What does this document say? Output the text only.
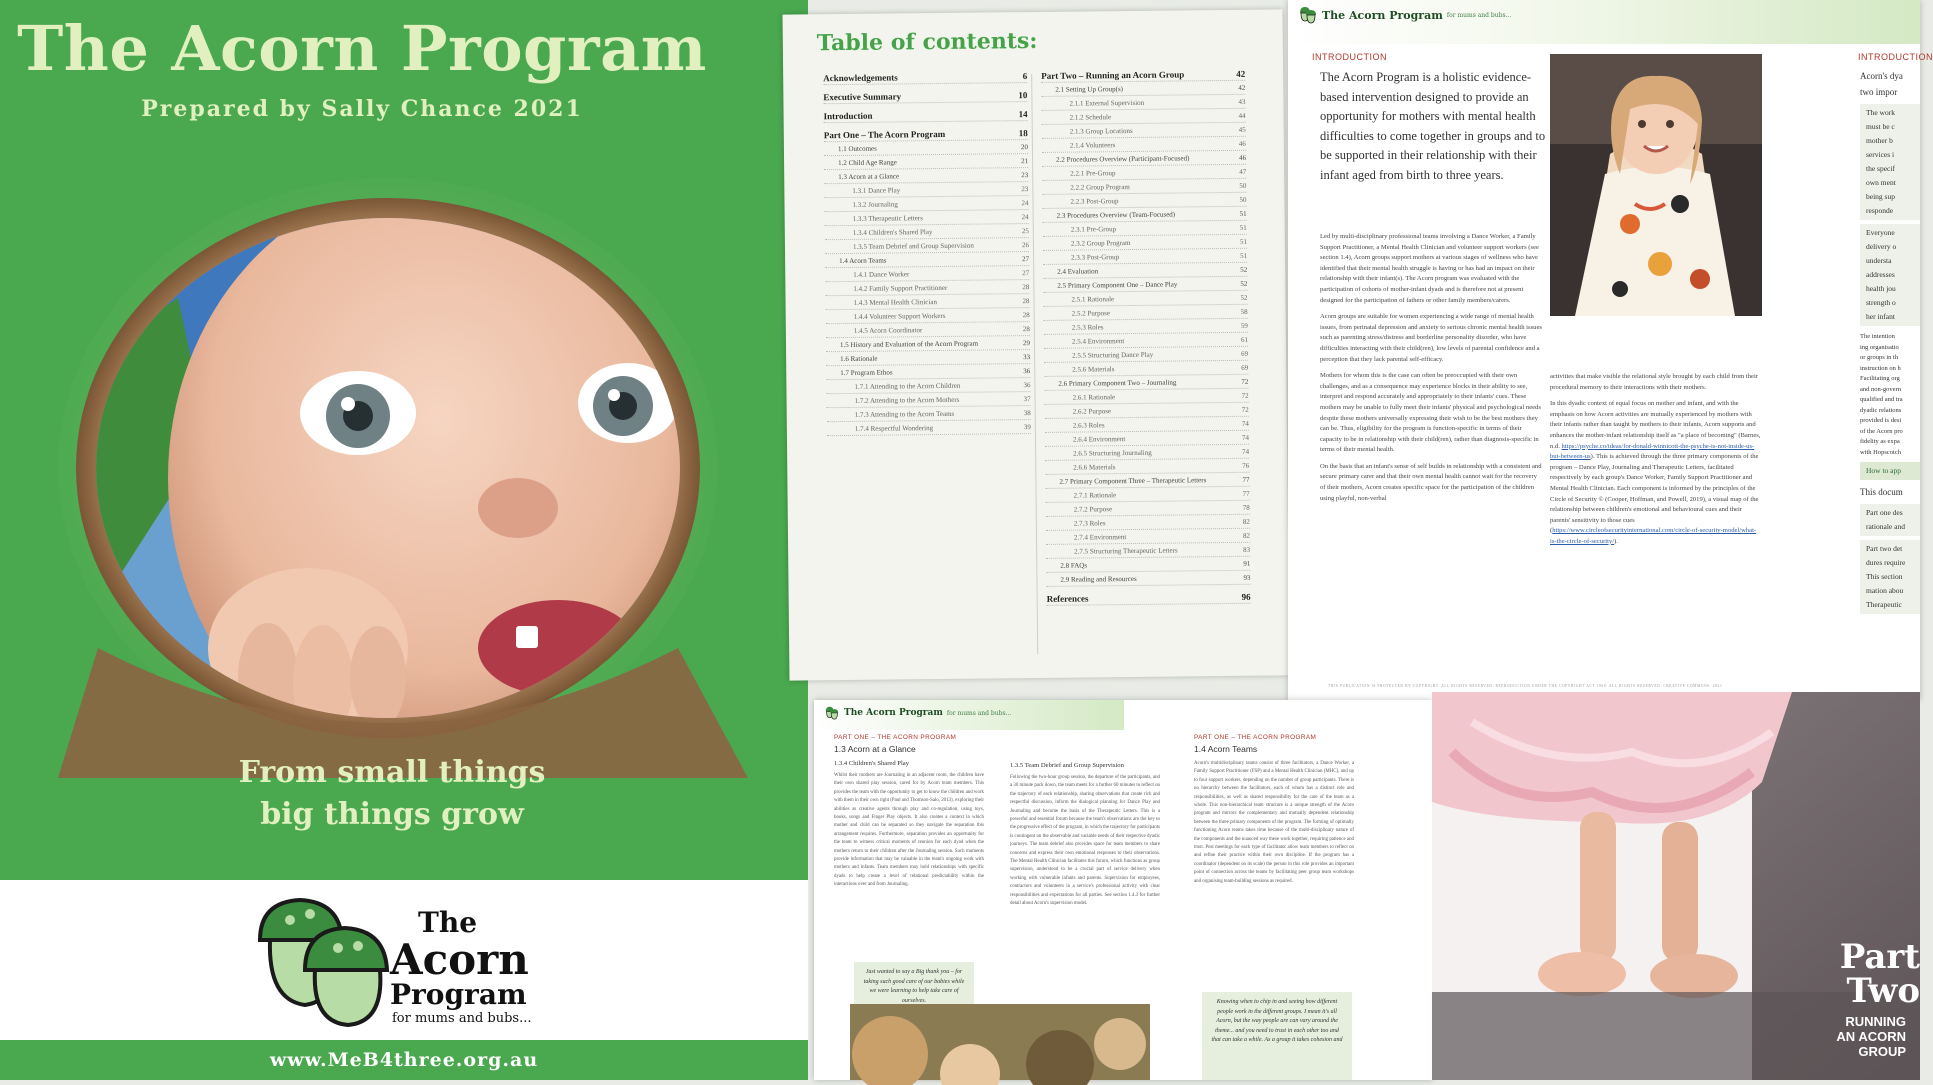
The Acorn Program
Prepared by Sally Chance 2021
From small things
big things grow
The
Acorn
Program
for mums and bubs...
www.MeB4three.org.au
Table of contents:
Acknowledgements	6
Executive Summary	10
Introduction	14
Part One – The Acorn Program	18
1.1 Outcomes	20
1.2 Child Age Range	21
1.3 Acorn at a Glance	23
1.3.1 Dance Play	23
1.3.2 Journaling	24
1.3.3 Therapeutic Letters	24
1.3.4 Children's Shared Play	25
1.3.5 Team Debrief and Group Supervision	26
1.4 Acorn Teams	27
1.4.1 Dance Worker	27
1.4.2 Family Support Practitioner	28
1.4.3 Mental Health Clinician	28
1.4.4 Volunteer Support Workers	28
1.4.5 Acorn Coordinator	28
1.5 History and Evaluation of the Acorn Program	29
1.6 Rationale	33
1.7 Program Ethos	36
1.7.1 Attending to the Acorn Children	36
1.7.2 Attending to the Acorn Mothers	37
1.7.3 Attending to the Acorn Teams	38
1.7.4 Respectful Wondering	39
Part Two – Running an Acorn Group	42
2.1 Setting Up Group(s)	42
2.1.1 External Supervision	43
2.1.2 Schedule	44
2.1.3 Group Locations	45
2.1.4 Volunteers	46
2.2 Procedures Overview (Participant-Focused)	46
2.2.1 Pre-Group	47
2.2.2 Group Program	50
2.2.3 Post-Group	50
2.3 Procedures Overview (Team-Focused)	51
2.3.1 Pre-Group	51
2.3.2 Group Program	51
2.3.3 Post-Group	51
2.4 Evaluation	52
2.5 Primary Component One – Dance Play	52
2.5.1 Rationale	52
2.5.2 Purpose	58
2.5.3 Roles	59
2.5.4 Environment	61
2.5.5 Structuring Dance Play	69
2.5.6 Materials	69
2.6 Primary Component Two – Journaling	72
2.6.1 Rationale	72
2.6.2 Purpose	72
2.6.3 Roles	74
2.6.4 Environment	74
2.6.5 Structuring Journaling	74
2.6.6 Materials	76
2.7 Primary Component Three – Therapeutic Letters	77
2.7.1 Rationale	77
2.7.2 Purpose	78
2.7.3 Roles	82
2.7.4 Environment	82
2.7.5 Structuring Therapeutic Letters	83
2.8 FAQs	91
2.9 Reading and Resources	93
References	96
The Acorn Program for mums and bubs...
INTRODUCTION	INTRODUCTION
The Acorn Program is a holistic evidence-based intervention designed to provide an opportunity for mothers with mental health difficulties to come together in groups and to be supported in their relationship with their infant aged from birth to three years.

Led by multi-disciplinary professional teams involving a Dance Worker, a Family Support Practitioner, a Mental Health Clinician and volunteer support workers (see section 1.4), Acorn groups support mothers at various stages of wellness who have identified that their mental health struggle is having or has had an impact on their relationship with their infant(s). The Acorn program was evaluated with the participation of cohorts of mother-infant dyads and is therefore not at present designed for the participation of fathers or other family members/carers.

Acorn groups are suitable for women experiencing a wide range of mental health issues, from perinatal depression and anxiety to serious chronic mental health issues such as parenting stress/distress and borderline personality disorder, who have difficulties interacting with their child(ren), low levels of parental confidence and a perception that they lack parental self-efficacy.

Mothers for whom this is the case can often be preoccupied with their own challenges, and as a consequence may experience blocks in their ability to see, interpret and respond accurately and appropriately to their infants' cues. These mothers may be unable to fully meet their infants' physical and psychological needs despite these mothers universally expressing their wish to be the best mothers they can be. Thus, eligibility for the program is function-specific in terms of their capacity to be in relationship with their child(ren), rather than diagnosis-specific in terms of their mental health.

On the basis that an infant's sense of self builds in relationship with a consistent and secure primary carer and that their own mental health cannot wait for the recovery of their mothers, Acorn creates specific space for the participation of the children using playful, non-verbal

activities that make visible the relational style brought by each child from their procedural memory to their interactions with their mothers.

In this dyadic context of equal focus on mother and infant, and with the emphasis on how Acorn activities are mutually experienced by mothers with their infants rather than taught by mothers to their infants, Acorn supports and enhances the mother-infant relationship itself as "a place of becoming" (Barnes, n.d. https://psyche.co/ideas/for-donald-winnicott-the-psyche-is-not-inside-us-but-between-us). This is achieved through the three primary components of the program – Dance Play, Journaling and Therapeutic Letters, facilitated respectively by each group's Dance Worker, Family Support Practitioner and Mental Health Clinician. Each component is informed by the principles of the Circle of Security © (Cooper, Hoffman, and Powell, 2019), a visual map of the relationship between children's emotional and behavioural cues and their parents' sensitivity to those cues (https://www.circleofsecurityinternational.com/circle-of-security-model/what-is-the-circle-of-security/).

Acorn's dya
two impor
The work
must be c
mother b
services i
the specif
own ment
being sup
responde
Everyone
delivery o
understa
addresses
health jou
strength o
her infant
The intention
ing organisatio
or groups in th
instruction on h
Facilitating org
and non-govern
qualified and tra
dyadic relations
provided is desi
of the Acorn pro
fidelity as expa
with Hopscotch
How to app
This docum
Part one des
rationale and
Part two det
dures require
This section
mation abou
Therapeutic
THIS PUBLICATION IS PROTECTED BY COPYRIGHT. ALL RIGHTS RESERVED. REPRODUCTION UNDER THE COPYRIGHT ACT 1968. ALL RIGHTS RESERVED. CREATIVE COMMONS. 2021
The Acorn Program for mums and bubs...
PART ONE – THE ACORN PROGRAM
1.3 Acorn at a Glance
1.3.4 Children's Shared Play
Whilst their mothers are Journaling in an adjacent room, the children have their own shared play session, cared for by Acorn team members. This provides the team with the opportunity to get to know the children and work with them in their own right (Paul and Thomson-Salo, 2013), exploring their abilities as creative agents through play and co-regulation, using toys, books, songs and Finger Play objects. It also creates a context in which mother and child can be separated so they navigate the separation this arrangement requires. Furthermore, separation provides an opportunity for the team to witness critical moments of reunion for each dyad when the mothers return to their children after the Journaling session. Such moments provide information that may be valuable in the team's ongoing work with mothers and infants. Team members may hold relationships with specific dyads to help create a level of relational predictability within the interactions over and from Journaling.
Just wanted to say a Big thank you – for taking such good care of our babies while we were learning to help take care of ourselves.
1.3.5 Team Debrief and Group Supervision
Following the two-hour group session, the departure of the participants, and a 30 minute pack down, the team meets for a further 60 minutes to reflect on the trajectory of each relationship, sharing observations that create rich and respectful discussion, inform the dialogical planning for Dance Play and Journaling and become the basis of the Therapeutic Letters. This is a powerful and essential forum because the team's observations are the key to the progressive effect of the program, in which the trajectory for participants is contingent on the observable and variable needs of their respective dyadic journeys. The team debrief also provides space for team members to share concerns and express their own emotional responses to their observations. The Mental Health Clinician facilitates this forum, which functions as group supervision, understood to be a crucial part of service delivery when working with vulnerable infants and parents. Supervision for employees, contractors and volunteers in a service's professional activity with clear responsibilities and expectations for all parties. See section 1.4.3 for further detail about Acorn's supervision model.
PART ONE – THE ACORN PROGRAM
1.4 Acorn Teams
Acorn's multidisciplinary teams consist of three facilitators, a Dance Worker, a Family Support Practitioner (FSP) and a Mental Health Clinician (MHC), and up to four support workers, depending on the number of group participants. There is no hierarchy between the facilitators, each of whom has a distinct role and responsibilities, as well as shared responsibility for the care of the team as a whole. This non-hierarchical team structure is a unique strength of the Acorn program and mirrors the complementary and mutually dependent relationship between the three primary components of the program. The forming of optimally functioning Acorn teams takes time because of the multi-disciplinary nature of the components and the nuanced way these work together, requiring patience and trust. Post meetings for each type of facilitator allow team members to reflect on and refine their practice within their own discipline. If the program has a coordinator (dependent on its scale) the person in this role provides an important point of connection across the teams by facilitating peer group team workshops and organising team-building sessions as required.
Knowing when to chip in and seeing how different people work in the different groups. I mean it's all Acorn, but the way people are can vary around the theme... and you need to trust in each other too and that can take a while. As a group it takes cohesion and
Part
Two
RUNNING
AN ACORN
GROUP
